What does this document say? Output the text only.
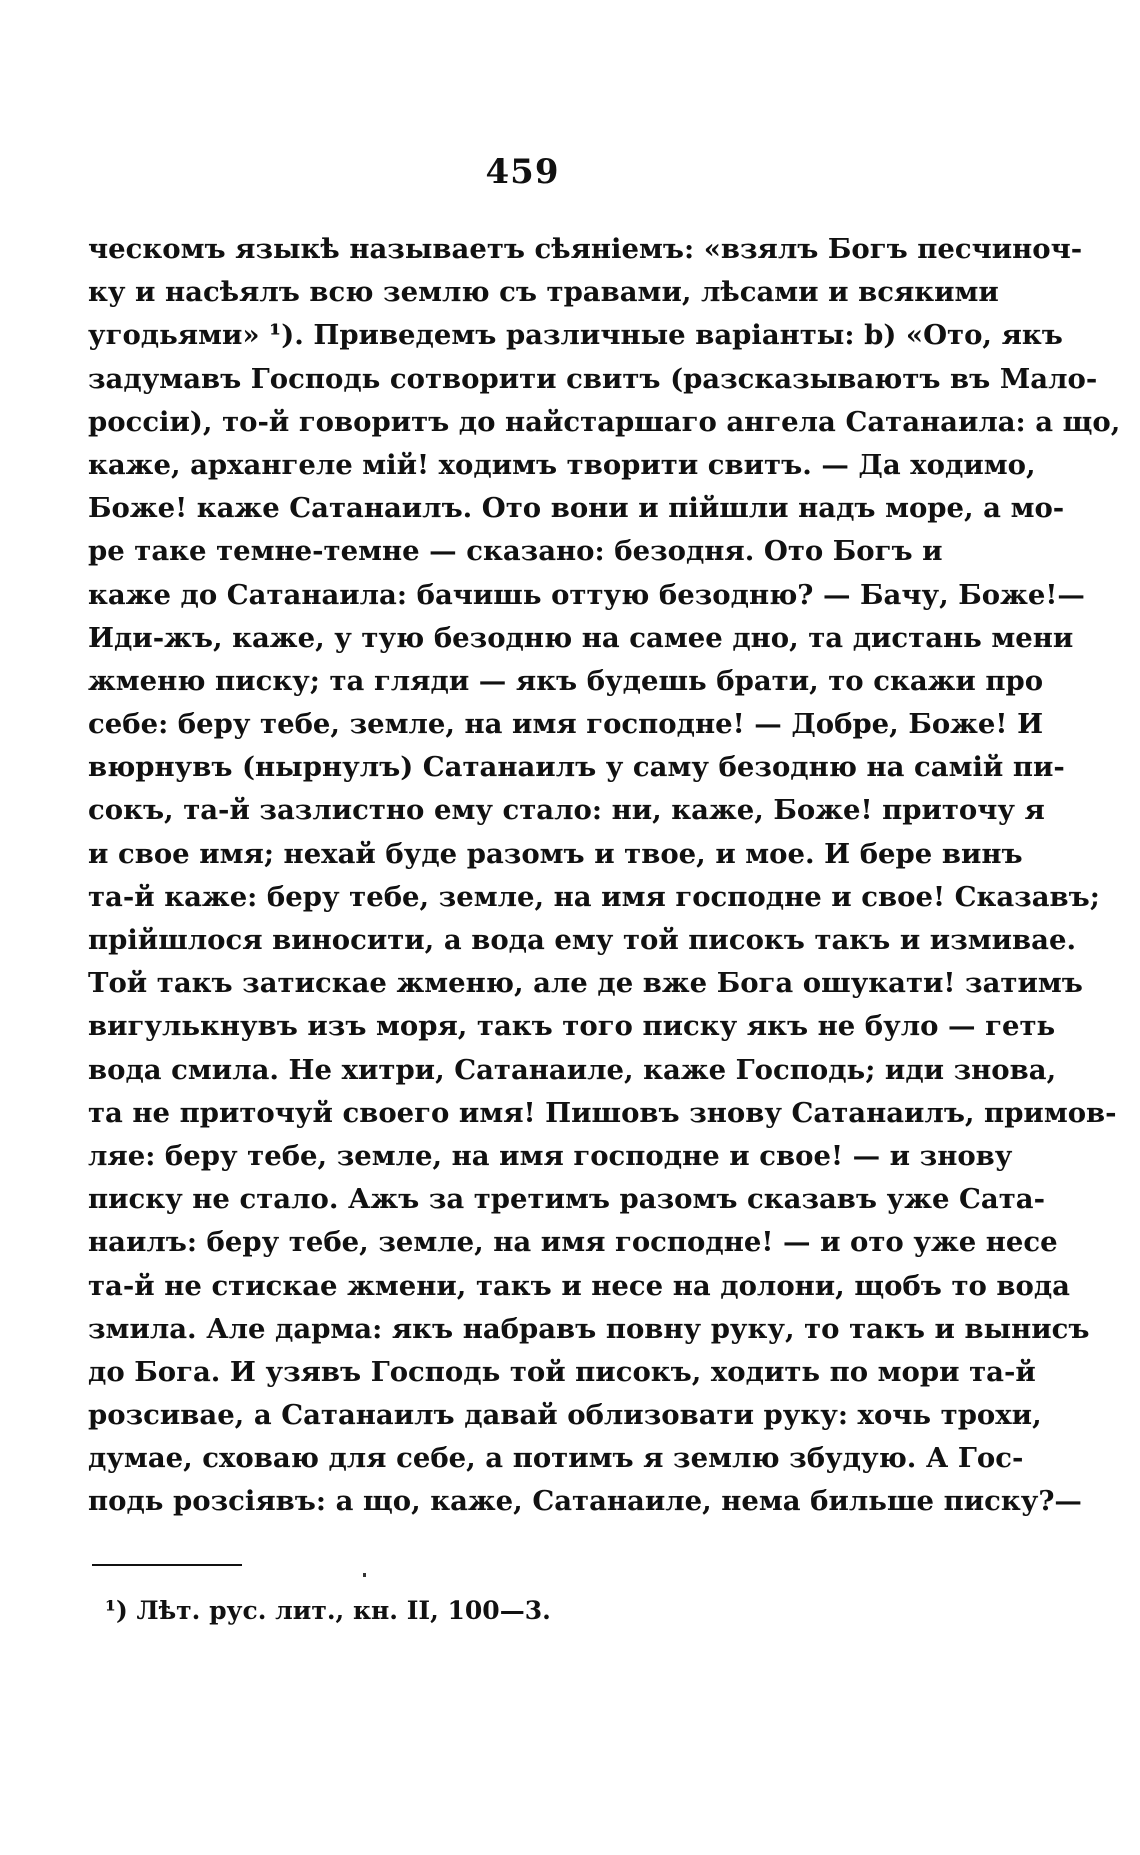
459
ческомъ языкѣ называетъ сѣяніемъ: «взялъ Богъ песчиноч-
ку и насѣялъ всю землю съ травами, лѣсами и всякими
угодьями» ¹). Приведемъ различные варіанты: b) «Ото, якъ
задумавъ Господь сотворити свитъ (разсказываютъ въ Мало-
россіи), то-й говоритъ до найстаршаго ангела Сатанаила: а що,
каже, архангеле мій! ходимъ творити свитъ. — Да ходимо,
Боже! каже Сатанаилъ. Ото вони и пійшли надъ море, а мо-
ре таке темне-темне — сказано: безодня. Ото Богъ и
каже до Сатанаила: бачишь оттую безодню? — Бачу, Боже!—
Иди-жъ, каже, у тую безодню на самее дно, та дистань мени
жменю писку; та гляди — якъ будешь брати, то скажи про
себе: беру тебе, земле, на имя господне! — Добре, Боже! И
вюрнувъ (нырнулъ) Сатанаилъ у саму безодню на самій пи-
сокъ, та-й зазлистно ему стало: ни, каже, Боже! приточу я
и свое имя; нехай буде разомъ и твое, и мое. И бере винъ
та-й каже: беру тебе, земле, на имя господне и свое! Сказавъ;
прійшлося виносити, а вода ему той писокъ такъ и измивае.
Той такъ затискае жменю, але де вже Бога ошукати! затимъ
вигулькнувъ изъ моря, такъ того писку якъ не було — геть
вода смила. Не хитри, Сатанаиле, каже Господь; иди знова,
та не приточуй своего имя! Пишовъ знову Сатанаилъ, примов-
ляе: беру тебе, земле, на имя господне и свое! — и знову
писку не стало. Ажъ за третимъ разомъ сказавъ уже Сата-
наилъ: беру тебе, земле, на имя господне! — и ото уже несе
та-й не стискае жмени, такъ и несе на долони, щобъ то вода
змила. Але дарма: якъ набравъ повну руку, то такъ и вынисъ
до Бога. И узявъ Господь той писокъ, ходить по мори та-й
розсивае, а Сатанаилъ давай облизовати руку: хочь трохи,
думае, схoваю для себе, а потимъ я землю збудую. А Гос-
подь розсіявъ: а що, каже, Сатанаиле, нема бильше писку?—
¹) Лѣт. рус. лит., кн. II, 100—3.
